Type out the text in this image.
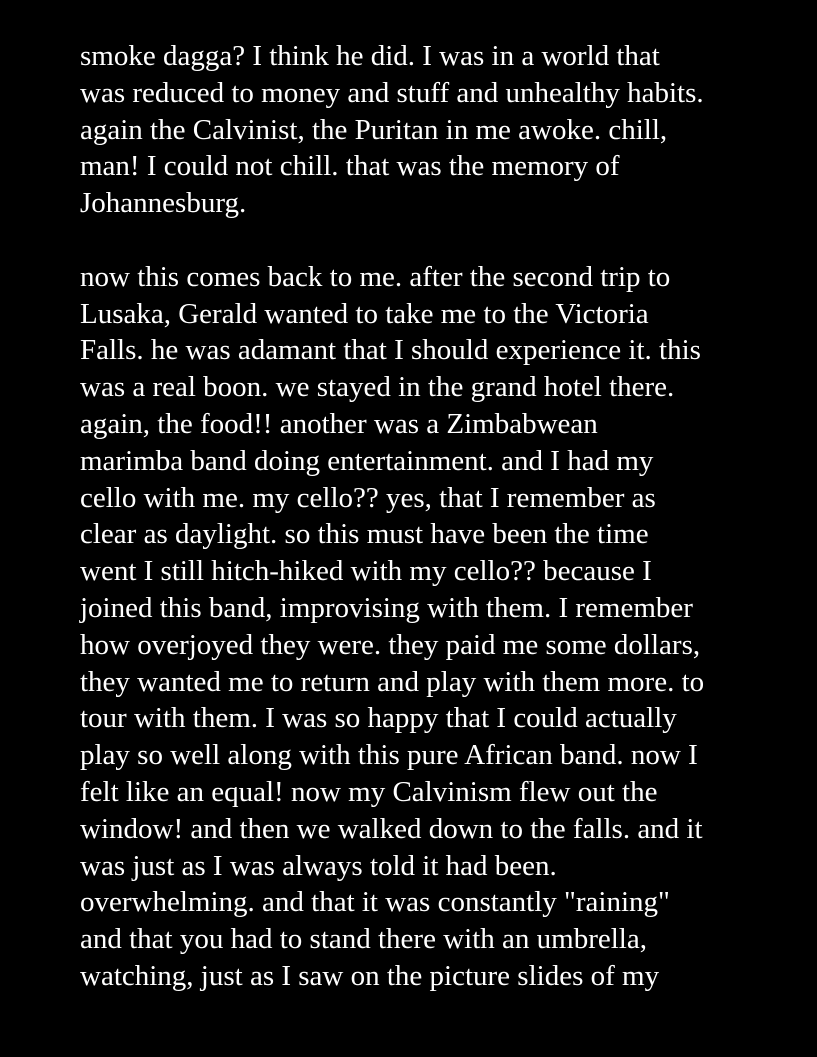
smoke dagga? I think he did. I was in a world that
was reduced to money and stuff and unhealthy habits.
again the Calvinist, the Puritan in me awoke. chill,
man! I could not chill. that was the memory of
Johannesburg.
now this comes back to me. after the second trip to
Lusaka, Gerald wanted to take me to the Victoria
Falls. he was adamant that I should experience it. this
was a real boon. we stayed in the grand hotel there.
again, the food!! another was a Zimbabwean
marimba band doing entertainment. and I had my
cello with me. my cello?? yes, that I remember as
clear as daylight. so this must have been the time
went I still hitch-hiked with my cello?? because I
joined this band, improvising with them. I remember
how overjoyed they were. they paid me some dollars,
they wanted me to return and play with them more. to
tour with them. I was so happy that I could actually
play so well along with this pure African band. now I
felt like an equal! now my Calvinism flew out the
window! and then we walked down to the falls. and it
was just as I was always told it had been.
overwhelming. and that it was constantly "raining"
and that you had to stand there with an umbrella,
watching, just as I saw on the picture slides of my
